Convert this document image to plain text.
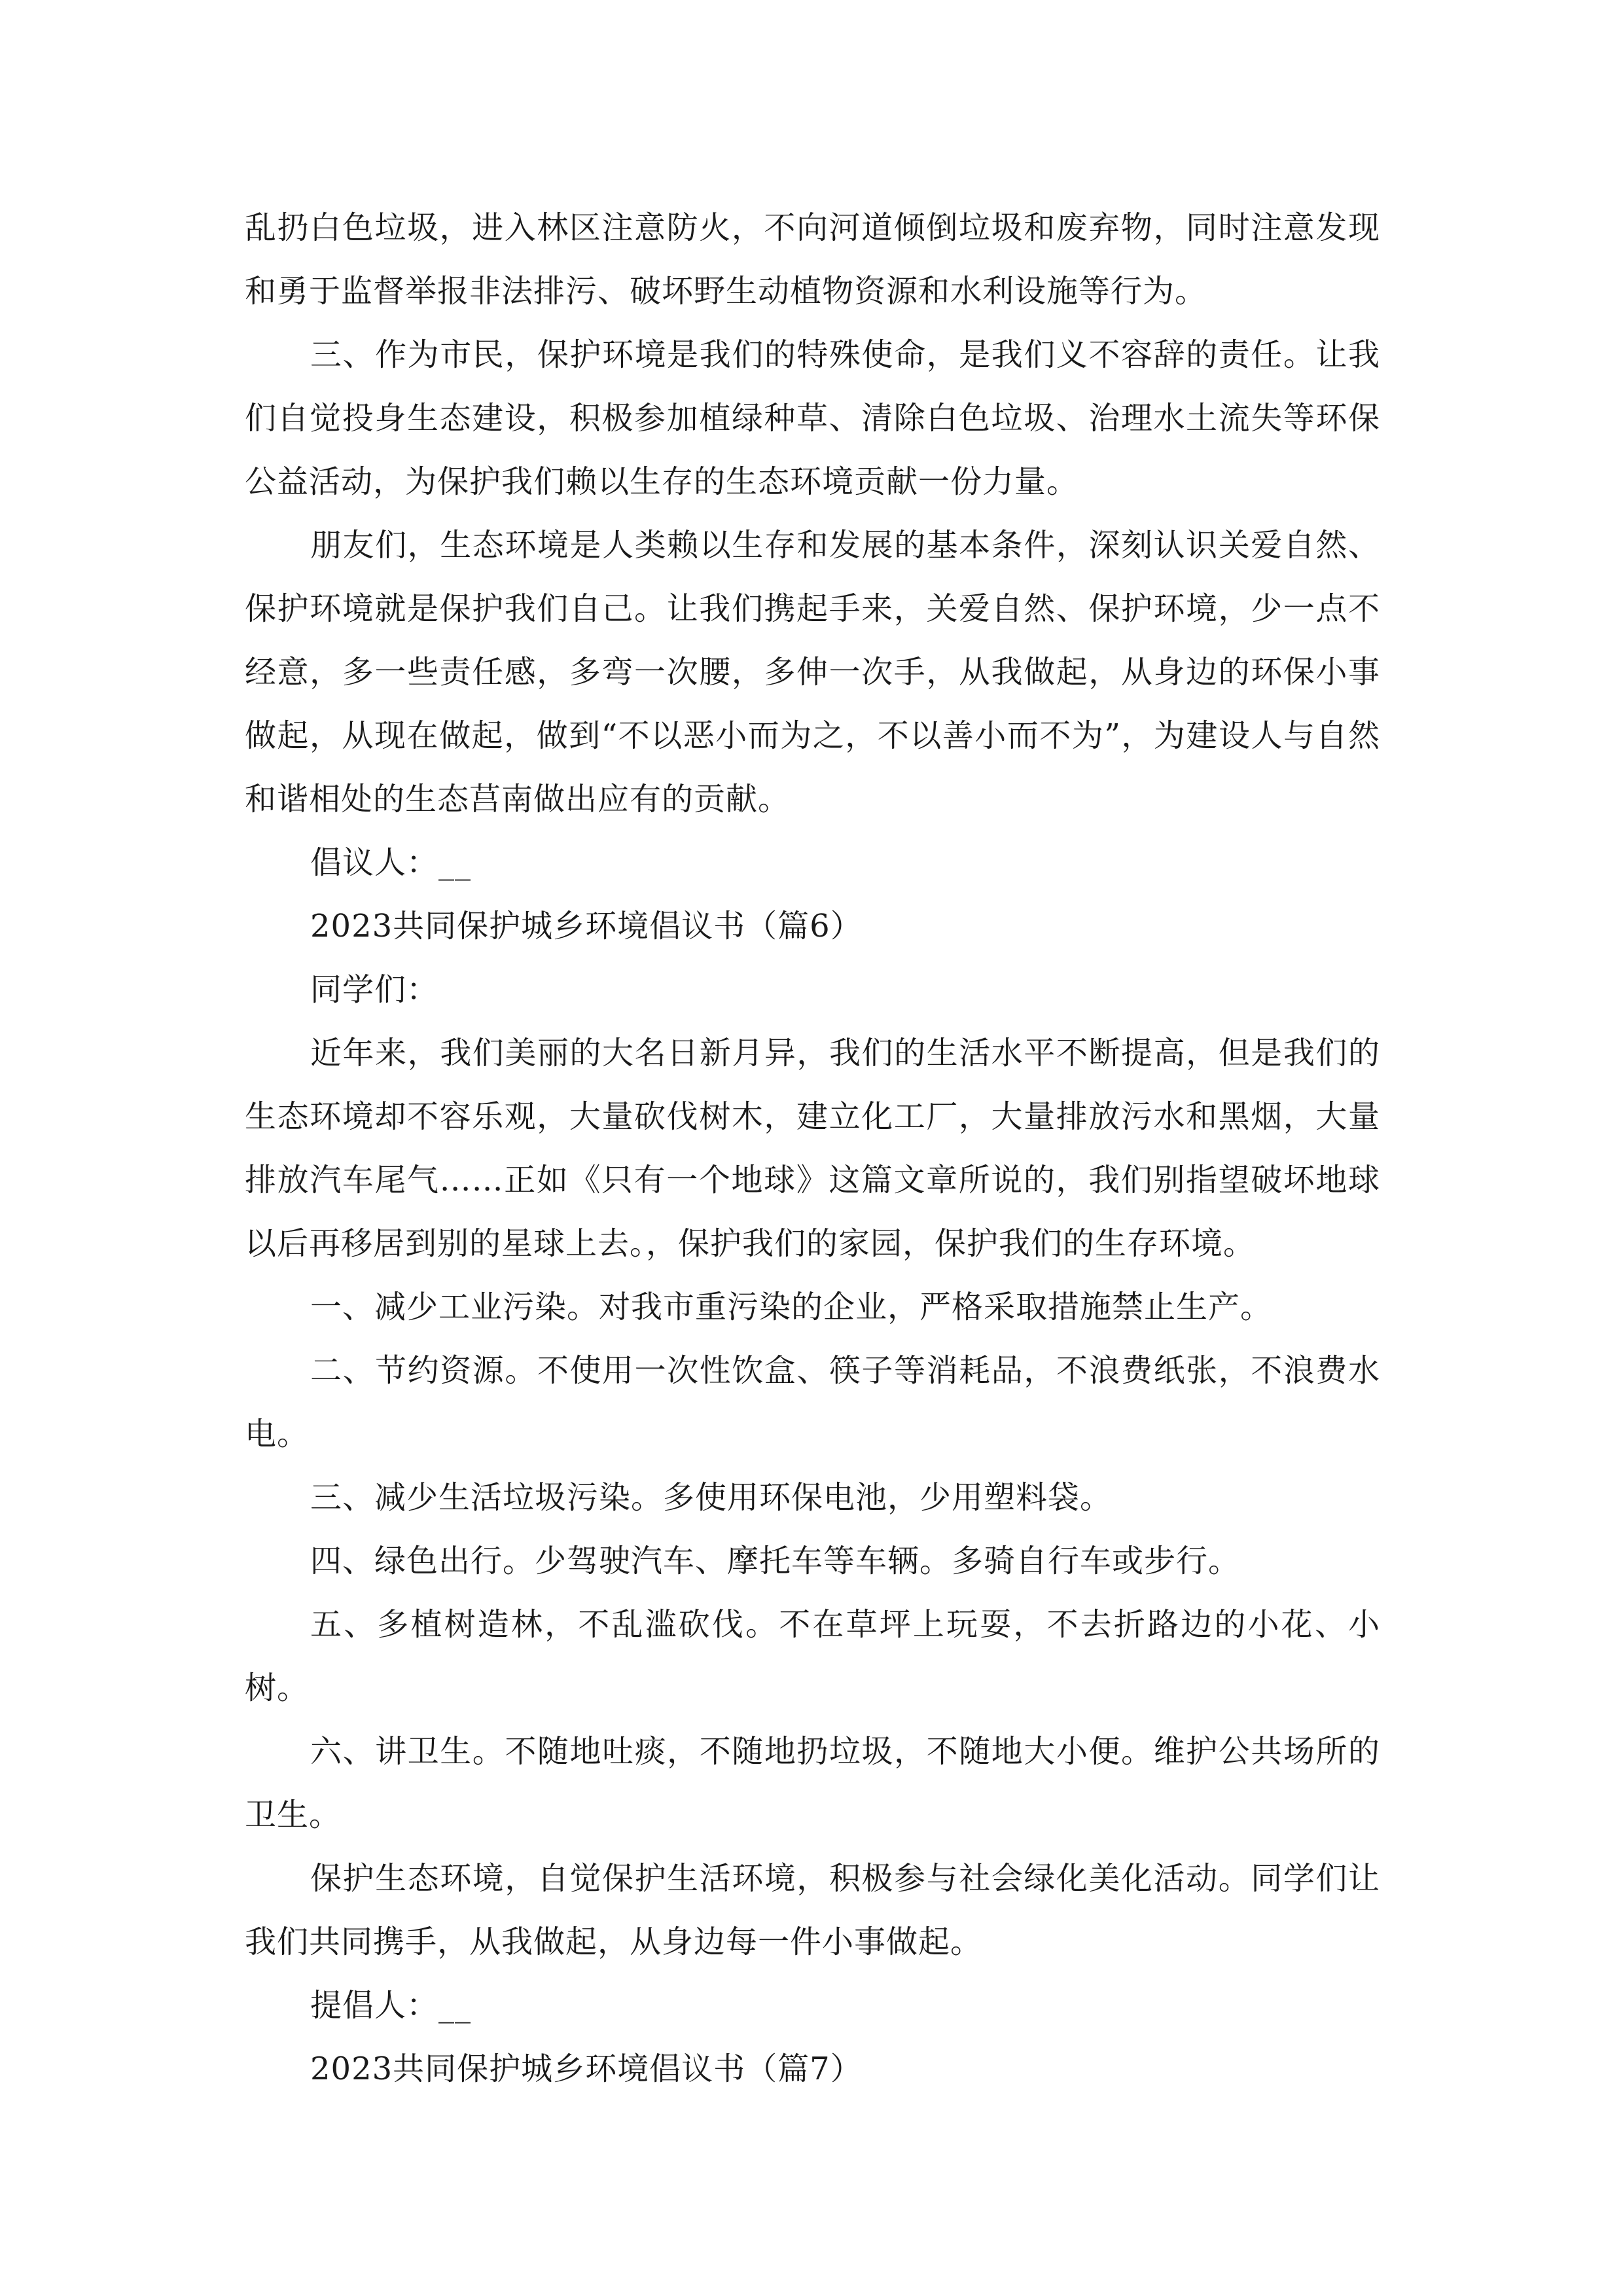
乱扔白色垃圾，进入林区注意防火，不向河道倾倒垃圾和废弃物，同时注意发现和勇于监督举报非法排污、破坏野生动植物资源和水利设施等行为。

三、作为市民，保护环境是我们的特殊使命，是我们义不容辞的责任。让我们自觉投身生态建设，积极参加植绿种草、清除白色垃圾、治理水土流失等环保公益活动，为保护我们赖以生存的生态环境贡献一份力量。

朋友们，生态环境是人类赖以生存和发展的基本条件，深刻认识关爱自然、保护环境就是保护我们自己。让我们携起手来，关爱自然、保护环境，少一点不经意，多一些责任感，多弯一次腰，多伸一次手，从我做起，从身边的环保小事做起，从现在做起，做到“不以恶小而为之，不以善小而不为”，为建设人与自然和谐相处的生态莒南做出应有的贡献。

倡议人：__

2023共同保护城乡环境倡议书（篇6）

同学们：

近年来，我们美丽的大名日新月异，我们的生活水平不断提高，但是我们的生态环境却不容乐观，大量砍伐树木，建立化工厂，大量排放污水和黑烟，大量排放汽车尾气……正如《只有一个地球》这篇文章所说的，我们别指望破坏地球以后再移居到别的星球上去。，保护我们的家园，保护我们的生存环境。

一、减少工业污染。对我市重污染的企业，严格采取措施禁止生产。

二、节约资源。不使用一次性饮盒、筷子等消耗品，不浪费纸张，不浪费水电。

三、减少生活垃圾污染。多使用环保电池，少用塑料袋。

四、绿色出行。少驾驶汽车、摩托车等车辆。多骑自行车或步行。

五、多植树造林，不乱滥砍伐。不在草坪上玩耍，不去折路边的小花、小树。

六、讲卫生。不随地吐痰，不随地扔垃圾，不随地大小便。维护公共场所的卫生。

保护生态环境，自觉保护生活环境，积极参与社会绿化美化活动。同学们让我们共同携手，从我做起，从身边每一件小事做起。

提倡人：__

2023共同保护城乡环境倡议书（篇7）
